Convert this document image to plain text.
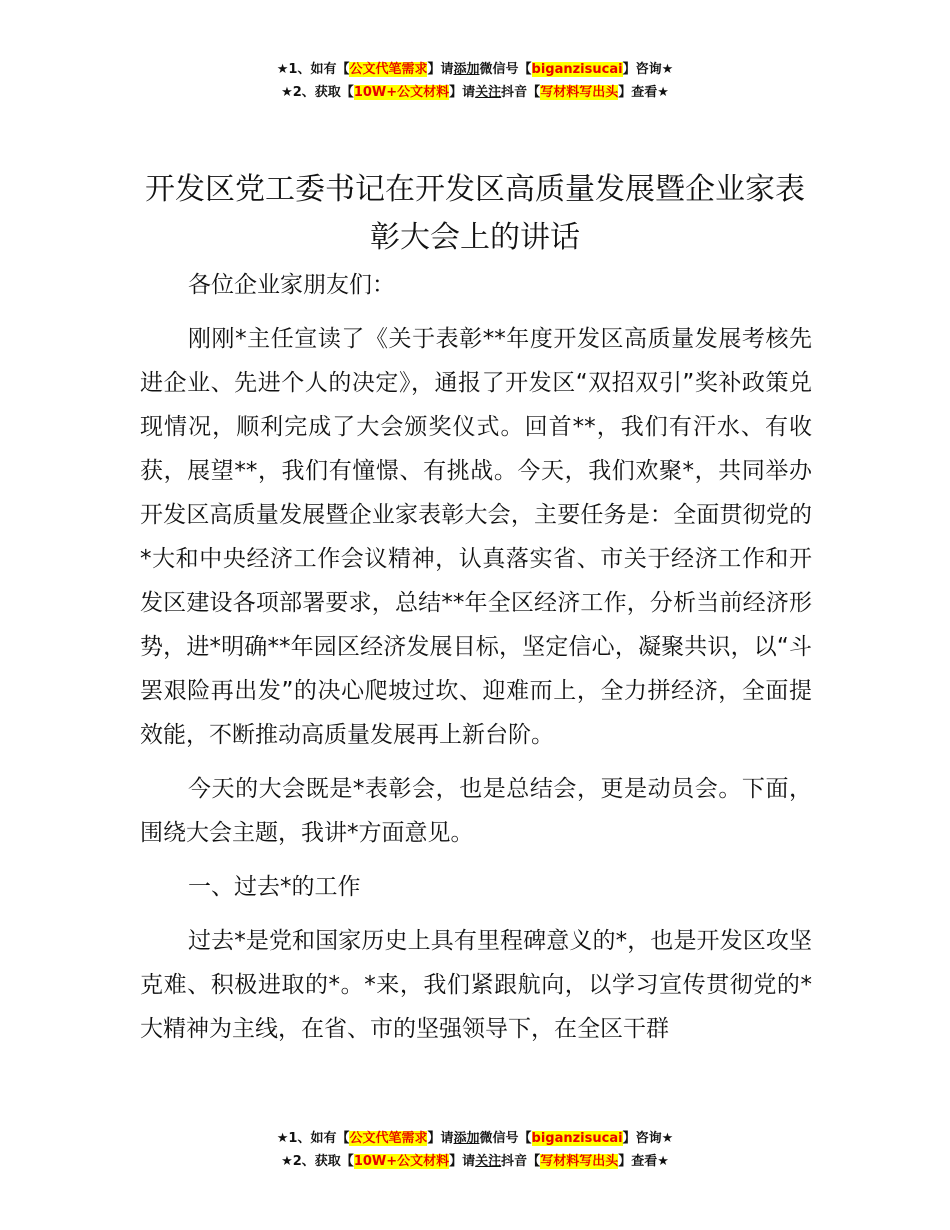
★1、如有【公文代笔需求】请添加微信号【biganzisucai】咨询★
★2、获取【10W+公文材料】请关注抖音【写材料写出头】查看★
开发区党工委书记在开发区高质量发展暨企业家表彰大会上的讲话

各位企业家朋友们：

刚刚*主任宣读了《关于表彰**年度开发区高质量发展考核先进企业、先进个人的决定》，通报了开发区“双招双引”奖补政策兑现情况，顺利完成了大会颁奖仪式。回首**，我们有汗水、有收获，展望**，我们有憧憬、有挑战。今天，我们欢聚*，共同举办开发区高质量发展暨企业家表彰大会，主要任务是：全面贯彻党的*大和中央经济工作会议精神，认真落实省、市关于经济工作和开发区建设各项部署要求，总结**年全区经济工作，分析当前经济形势，进*明确**年园区经济发展目标，坚定信心，凝聚共识，以“斗罢艰险再出发”的决心爬坡过坎、迎难而上，全力拼经济，全面提效能，不断推动高质量发展再上新台阶。

今天的大会既是*表彰会，也是总结会，更是动员会。下面，围绕大会主题，我讲*方面意见。

一、过去*的工作

过去*是党和国家历史上具有里程碑意义的*，也是开发区攻坚克难、积极进取的*。*来，我们紧跟航向，以学习宣传贯彻党的*大精神为主线，在省、市的坚强领导下，在全区干群

★1、如有【公文代笔需求】请添加微信号【biganzisucai】咨询★
★2、获取【10W+公文材料】请关注抖音【写材料写出头】查看★
